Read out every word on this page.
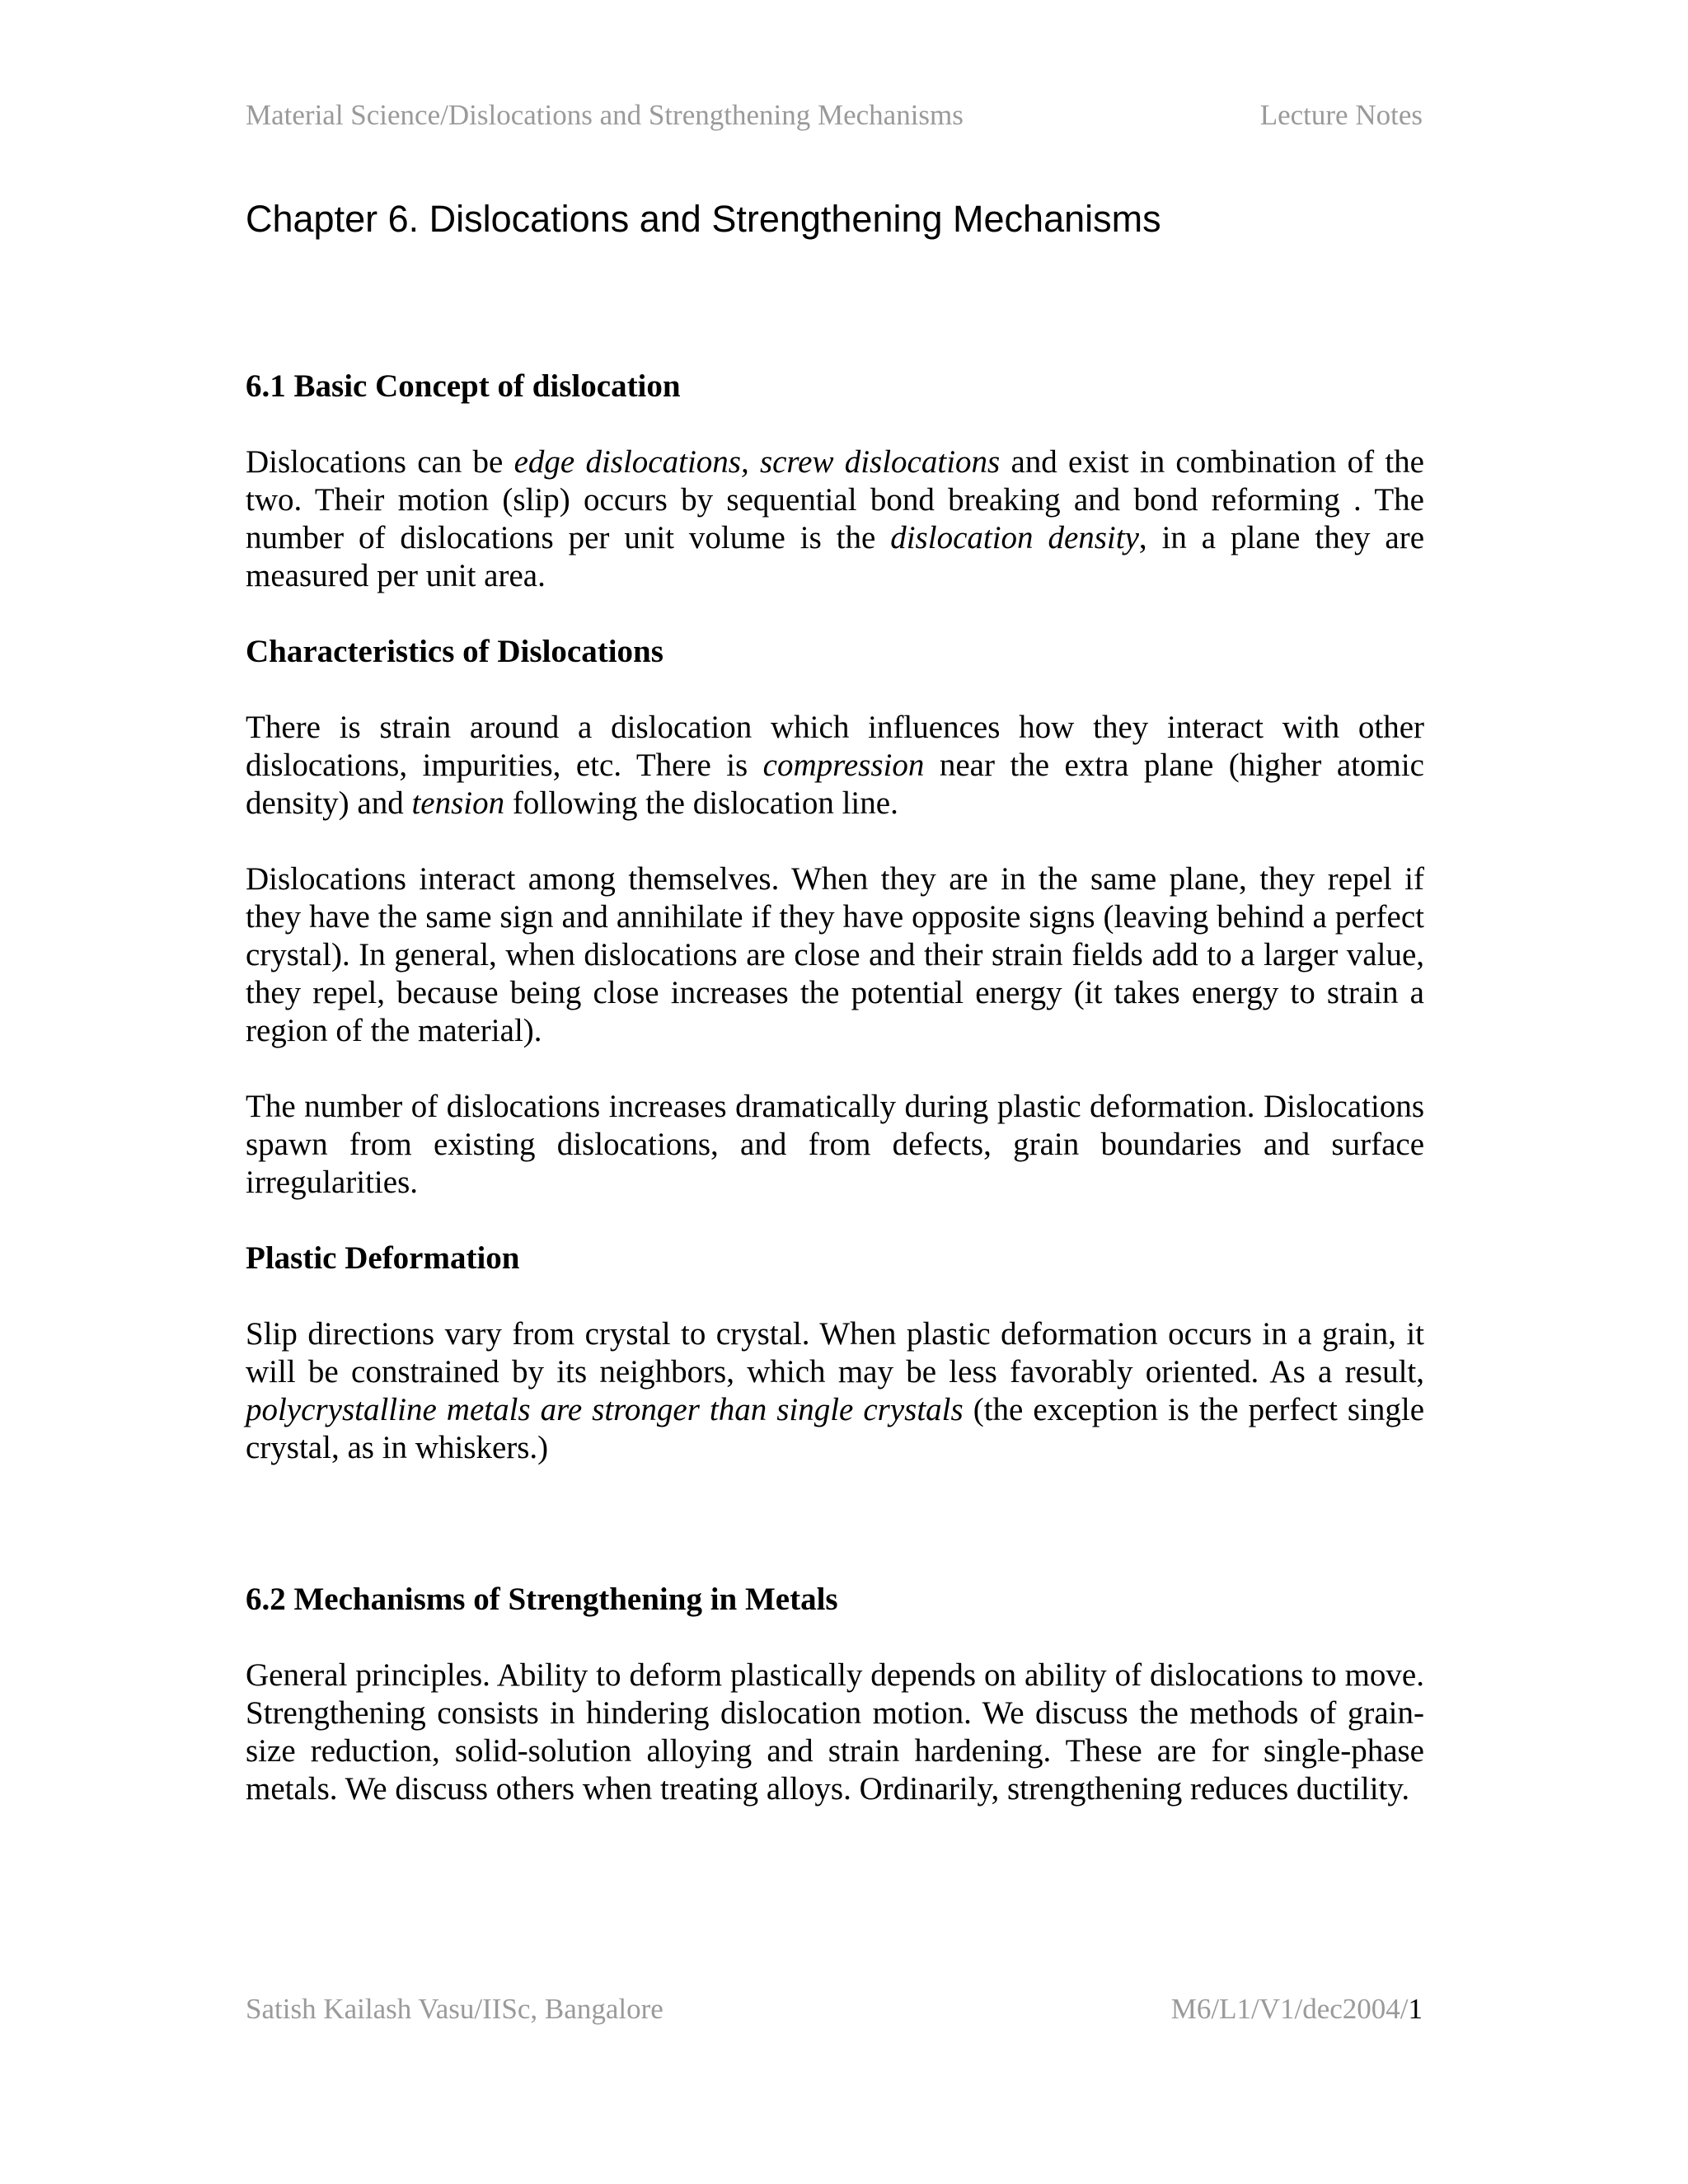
Material Science/Dislocations and Strengthening Mechanisms	Lecture Notes
Chapter 6. Dislocations and Strengthening Mechanisms
6.1 Basic Concept of dislocation

Dislocations can be edge dislocations, screw dislocations and exist in combination of the two. Their motion (slip) occurs by sequential bond breaking and bond reforming . The number of dislocations per unit volume is the dislocation density, in a plane they are measured per unit area.

Characteristics of Dislocations

There is strain around a dislocation which influences how they interact with other dislocations, impurities, etc. There is compression near the extra plane (higher atomic density) and tension following the dislocation line.

Dislocations interact among themselves. When they are in the same plane, they repel if they have the same sign and annihilate if they have opposite signs (leaving behind a perfect crystal). In general, when dislocations are close and their strain fields add to a larger value, they repel, because being close increases the potential energy (it takes energy to strain a region of the material).

The number of dislocations increases dramatically during plastic deformation. Dislocations spawn from existing dislocations, and from defects, grain boundaries and surface irregularities.

Plastic Deformation

Slip directions vary from crystal to crystal. When plastic deformation occurs in a grain, it will be constrained by its neighbors, which may be less favorably oriented. As a result, polycrystalline metals are stronger than single crystals (the exception is the perfect single crystal, as in whiskers.)

6.2 Mechanisms of Strengthening in Metals

General principles. Ability to deform plastically depends on ability of dislocations to move. Strengthening consists in hindering dislocation motion. We discuss the methods of grain-size reduction, solid-solution alloying and strain hardening. These are for single-phase metals. We discuss others when treating alloys. Ordinarily, strengthening reduces ductility.

Satish Kailash Vasu/IISc, Bangalore	M6/L1/V1/dec2004/1
